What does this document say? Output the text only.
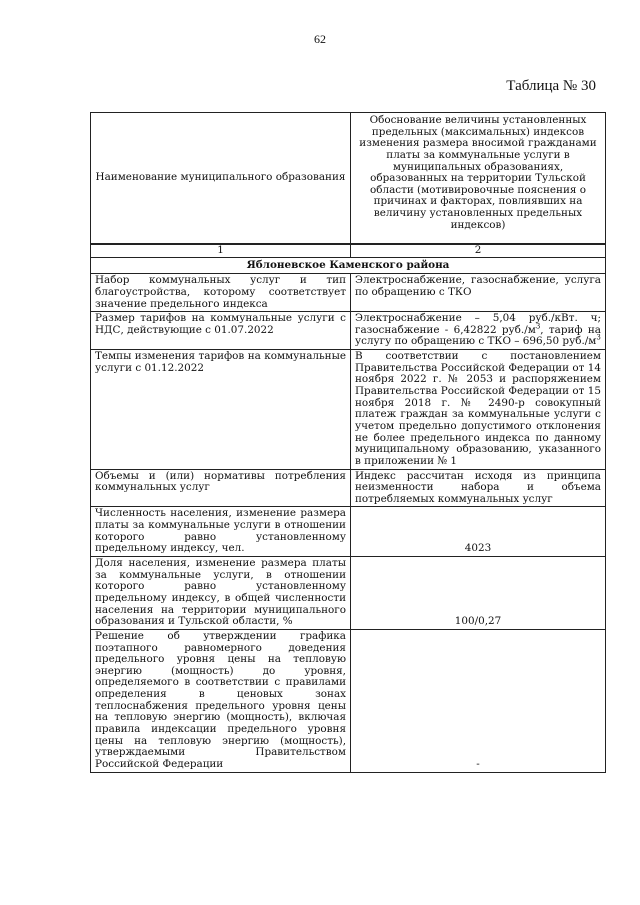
62
Таблица № 30
Наименование муниципального образования	Обоснование величины установленных предельных (максимальных) индексов изменения размера вносимой гражданами платы за коммунальные услуги в муниципальных образованиях, образованных на территории Тульской области (мотивировочные пояснения о причинах и факторах, повлиявших на величину установленных предельных индексов)
1	2
Яблоневское Каменского района	
Набор коммунальных услуг и тип благоустройства, которому соответствует значение предельного индекса	Электроснабжение, газоснабжение, услуга по обращению с ТКО
Размер тарифов на коммунальные услуги с НДС, действующие с 01.07.2022	Электроснабжение – 5,04 руб./кВт. ч; газоснабжение - 6,42822 $руб./м^3$, тариф на услугу по обращению с ТКО – 696,50 $руб./м^3$
Темпы изменения тарифов на коммунальные услуги с 01.12.2022	В соответствии с постановлением Правительства Российской Федерации от 14 ноября 2022 г. № 2053 и распоряжением Правительства Российской Федерации от 15 ноября 2018 г. № 2490-р совокупный платеж граждан за коммунальные услуги с учетом предельно допустимого отклонения не более предельного индекса по данному муниципальному образованию, указанного в приложении № 1
Объемы и (или) нормативы потребления коммунальных услуг	Индекс рассчитан исходя из принципа неизменности набора и объема потребляемых коммунальных услуг
Численность населения, изменение размера платы за коммунальные услуги в отношении которого равно установленному предельному индексу, чел.	4023
Доля населения, изменение размера платы за коммунальные услуги, в отношении которого равно установленному предельному индексу, в общей численности населения на территории муниципального образования и Тульской области, %	100/0,27
Решение об утверждении графика поэтапного равномерного доведения предельного уровня цены на тепловую энергию (мощность) до уровня, определяемого в соответствии с правилами определения в ценовых зонах теплоснабжения предельного уровня цены на тепловую энергию (мощность), включая правила индексации предельного уровня цены на тепловую энергию (мощность), утверждаемыми Правительством Российской Федерации	-
